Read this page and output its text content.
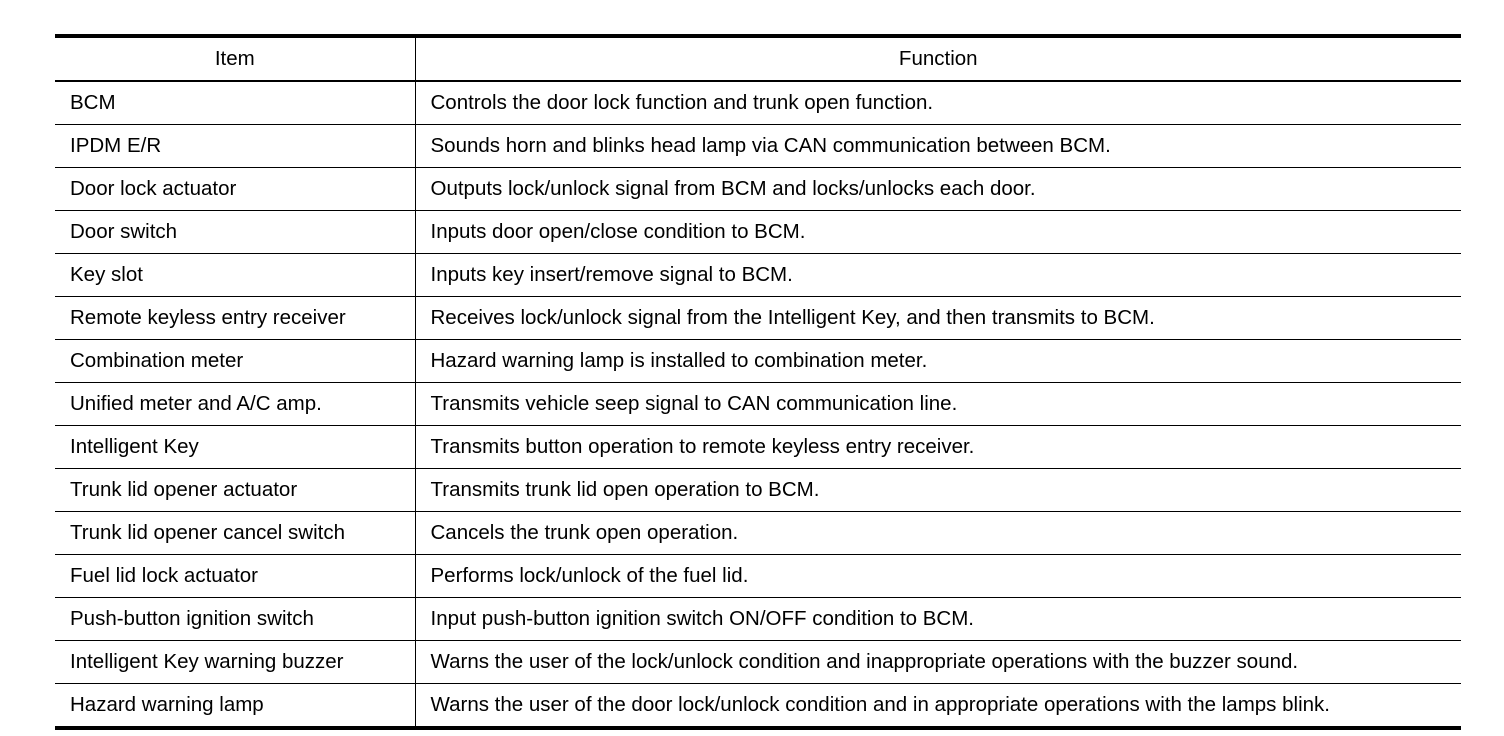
Item	Function
BCM	Controls the door lock function and trunk open function.
IPDM E/R	Sounds horn and blinks head lamp via CAN communication between BCM.
Door lock actuator	Outputs lock/unlock signal from BCM and locks/unlocks each door.
Door switch	Inputs door open/close condition to BCM.
Key slot	Inputs key insert/remove signal to BCM.
Remote keyless entry receiver	Receives lock/unlock signal from the Intelligent Key, and then transmits to BCM.
Combination meter	Hazard warning lamp is installed to combination meter.
Unified meter and A/C amp.	Transmits vehicle seep signal to CAN communication line.
Intelligent Key	Transmits button operation to remote keyless entry receiver.
Trunk lid opener actuator	Transmits trunk lid open operation to BCM.
Trunk lid opener cancel switch	Cancels the trunk open operation.
Fuel lid lock actuator	Performs lock/unlock of the fuel lid.
Push-button ignition switch	Input push-button ignition switch ON/OFF condition to BCM.
Intelligent Key warning buzzer	Warns the user of the lock/unlock condition and inappropriate operations with the buzzer sound.
Hazard warning lamp	Warns the user of the door lock/unlock condition and in appropriate operations with the lamps blink.
